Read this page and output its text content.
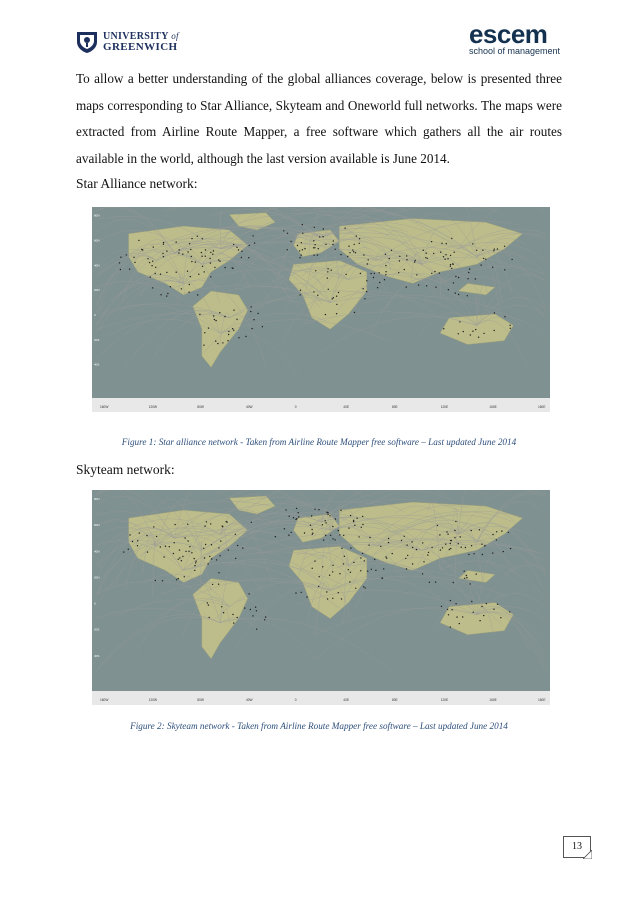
UNIVERSITY of
GREENWICH	escem
school of management

To allow a better understanding of the global alliances coverage, below is presented three maps corresponding to Star Alliance, Skyteam and Oneworld full networks. The maps were extracted from Airline Route Mapper, a free software which gathers all the air routes available in the world, although the last version available is June 2014.

Star Alliance network:

80N
60N
40N
20N
0
20S
40S
160W	120W	80W	40W	0	40E	80E	120E	160E	160E
Figure 1: Star alliance network - Taken from Airline Route Mapper free software – Last updated June 2014

Skyteam network:

80N
60N
40N
20N
0
20S
40S
160W	120W	80W	40W	0	40E	80E	120E	160E	160E
Figure 2: Skyteam network - Taken from Airline Route Mapper free software – Last updated June 2014
13
